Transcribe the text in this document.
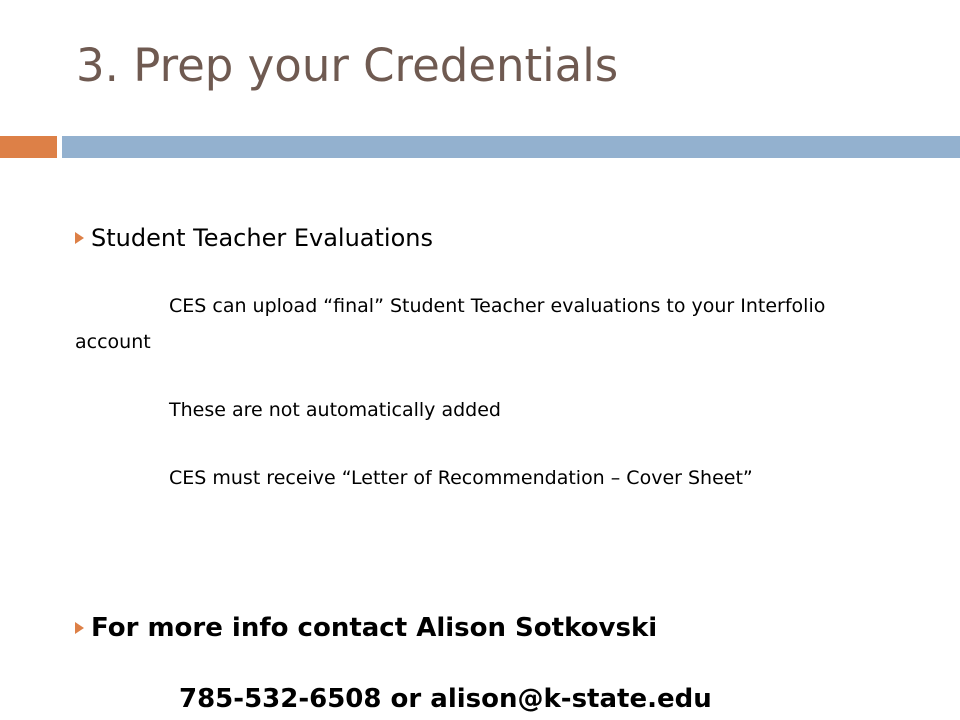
3. Prep your Credentials
Student Teacher Evaluations

CES can upload “final” Student Teacher evaluations to your Interfolio account

These are not automatically added

CES must receive “Letter of Recommendation – Cover Sheet”

For more info contact Alison Sotkovski

785-532-6508 or alison@k-state.edu
